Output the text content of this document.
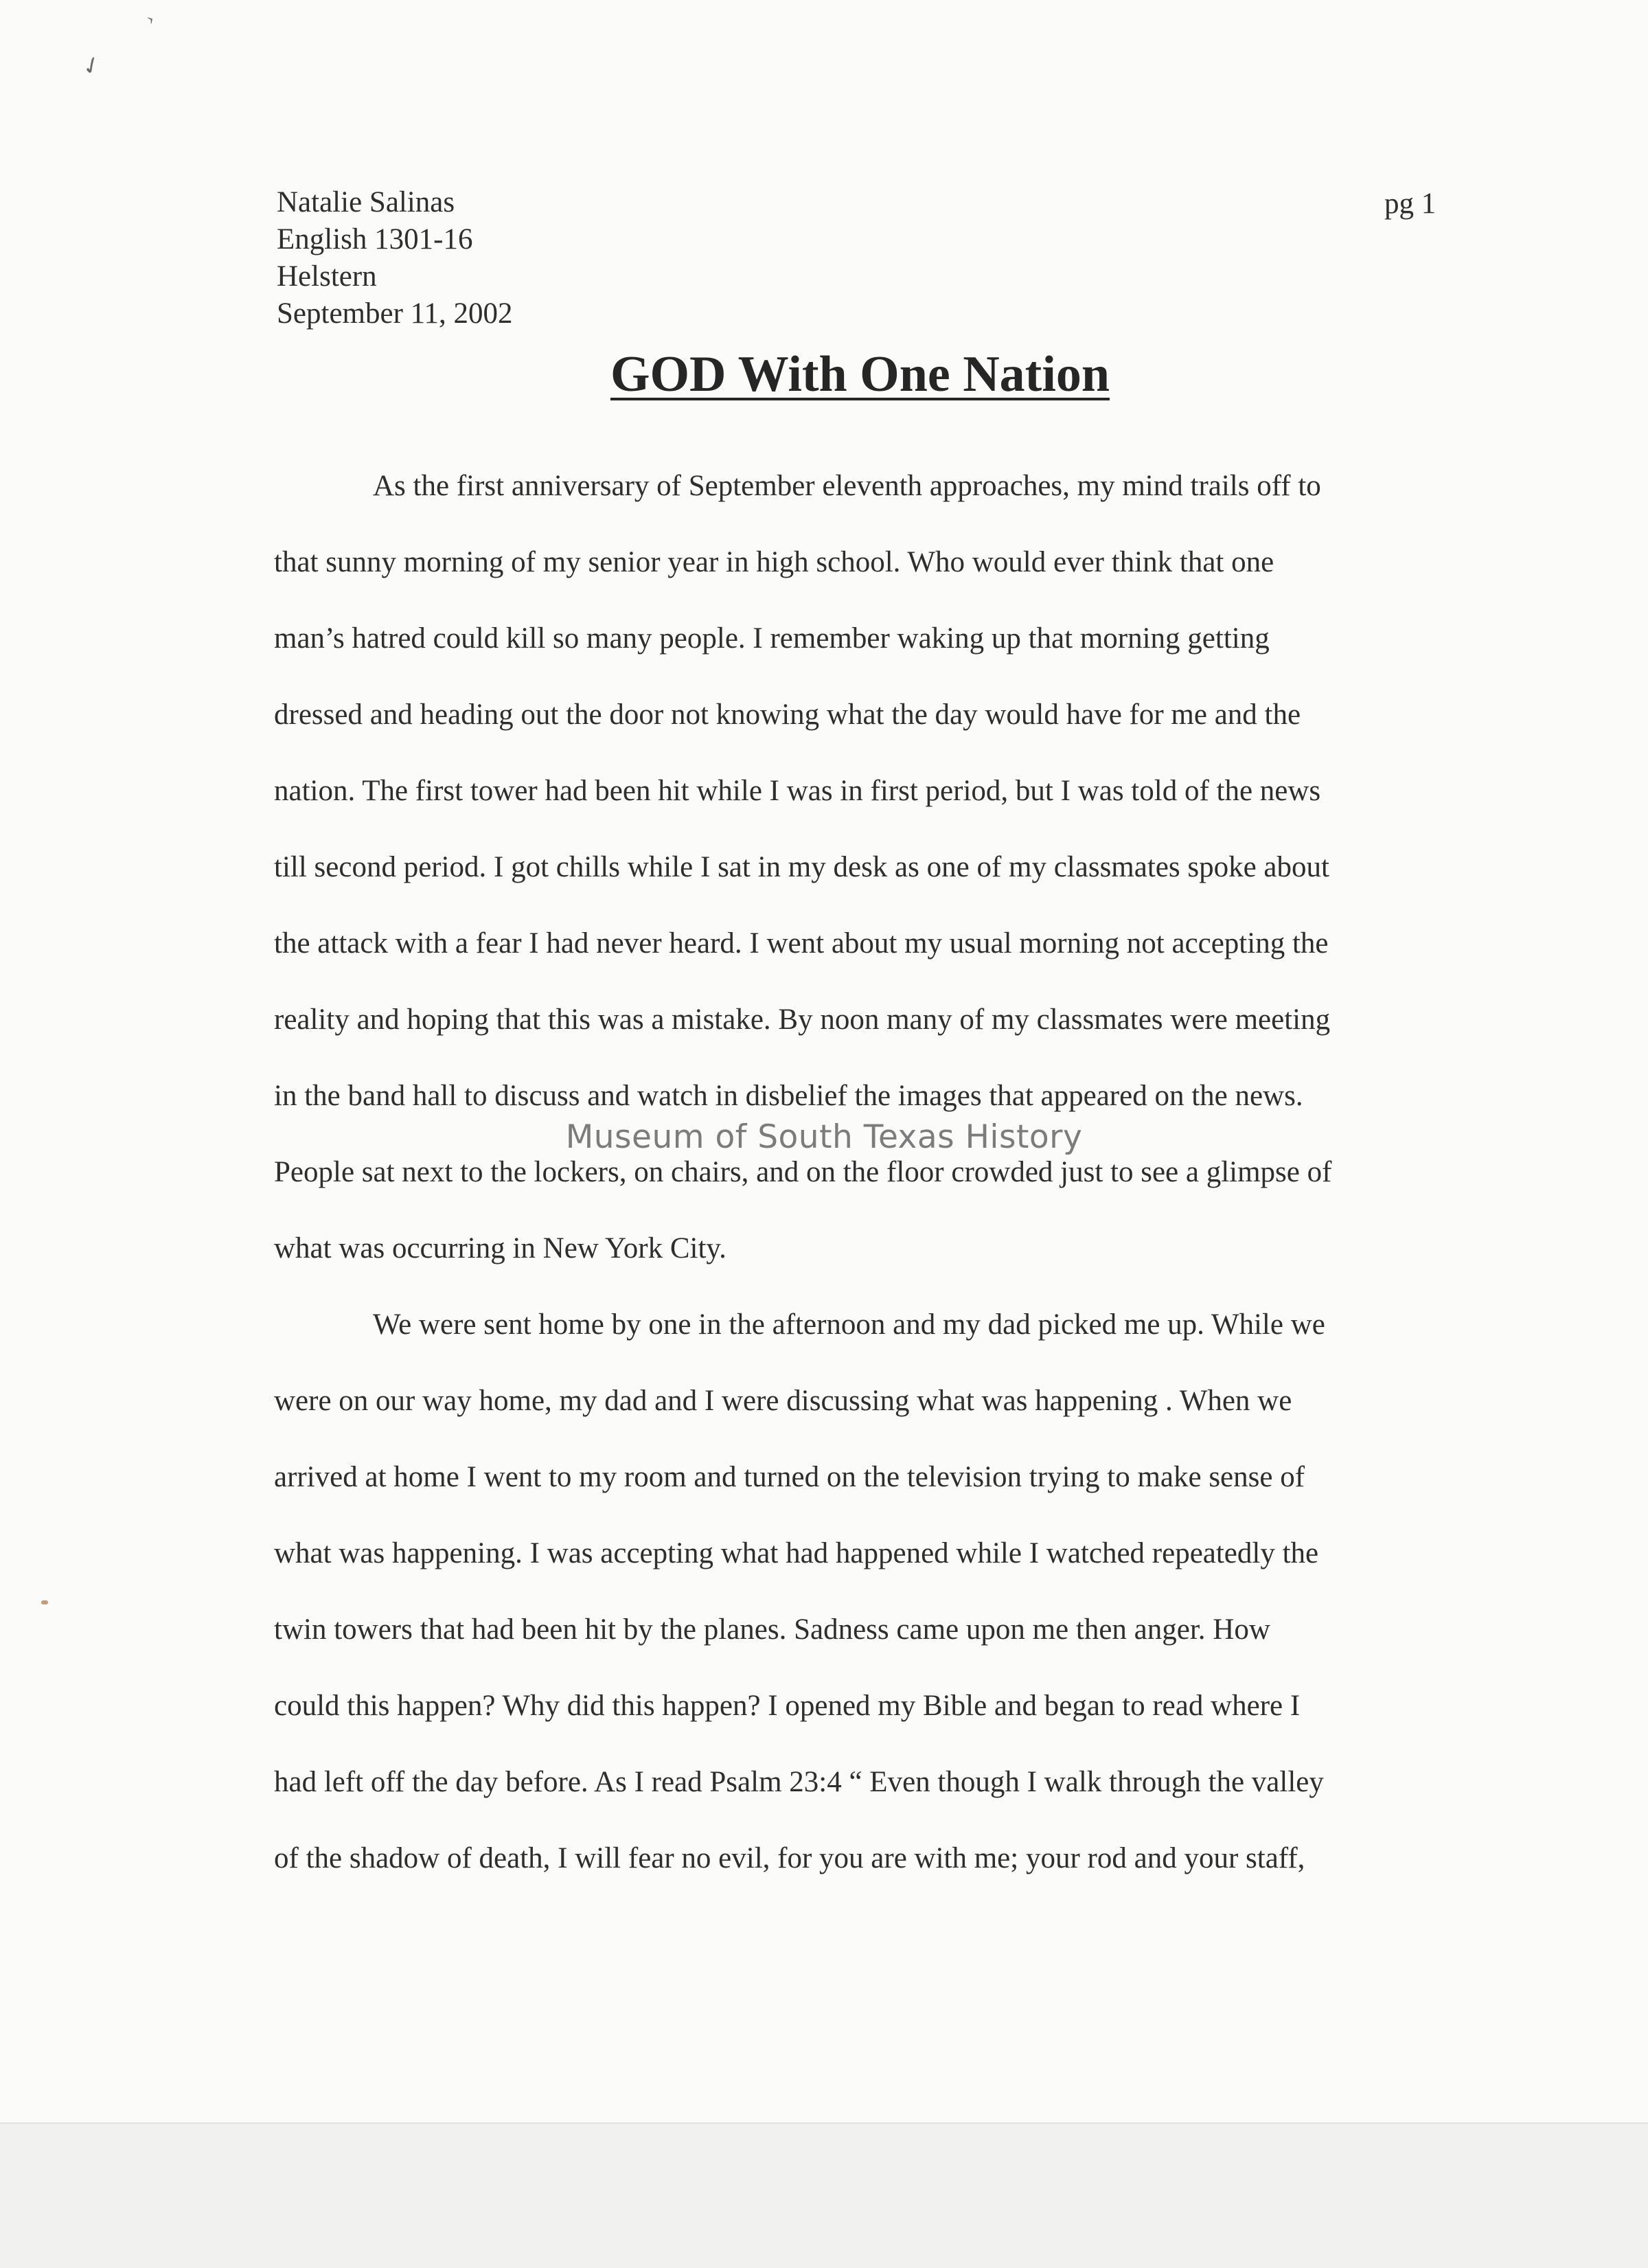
›
✓
Natalie Salinas
English 1301-16
Helstern
September 11, 2002
pg 1
GOD With One Nation
As the first anniversary of September eleventh approaches, my mind trails off to
that sunny morning of my senior year in high school. Who would ever think that one
man’s hatred could kill so many people. I remember waking up that morning getting
dressed and heading out the door not knowing what the day would have for me and the
nation. The first tower had been hit while I was in first period, but I was told of the news
till second period. I got chills while I sat in my desk as one of my classmates spoke about
the attack with a fear I had never heard. I went about my usual morning not accepting the
reality and hoping that this was a mistake. By noon many of my classmates were meeting
in the band hall to discuss and watch in disbelief the images that appeared on the news.
People sat next to the lockers, on chairs, and on the floor crowded just to see a glimpse of
what was occurring in New York City.
We were sent home by one in the afternoon and my dad picked me up. While we
were on our way home, my dad and I were discussing what was happening . When we
arrived at home I went to my room and turned on the television trying to make sense of
what was happening. I was accepting what had happened while I watched repeatedly the
twin towers that had been hit by the planes. Sadness came upon me then anger. How
could this happen? Why did this happen? I opened my Bible and began to read where I
had left off the day before. As I read Psalm 23:4 “ Even though I walk through the valley
of the shadow of death, I will fear no evil, for you are with me; your rod and your staff,
Museum of South Texas History
